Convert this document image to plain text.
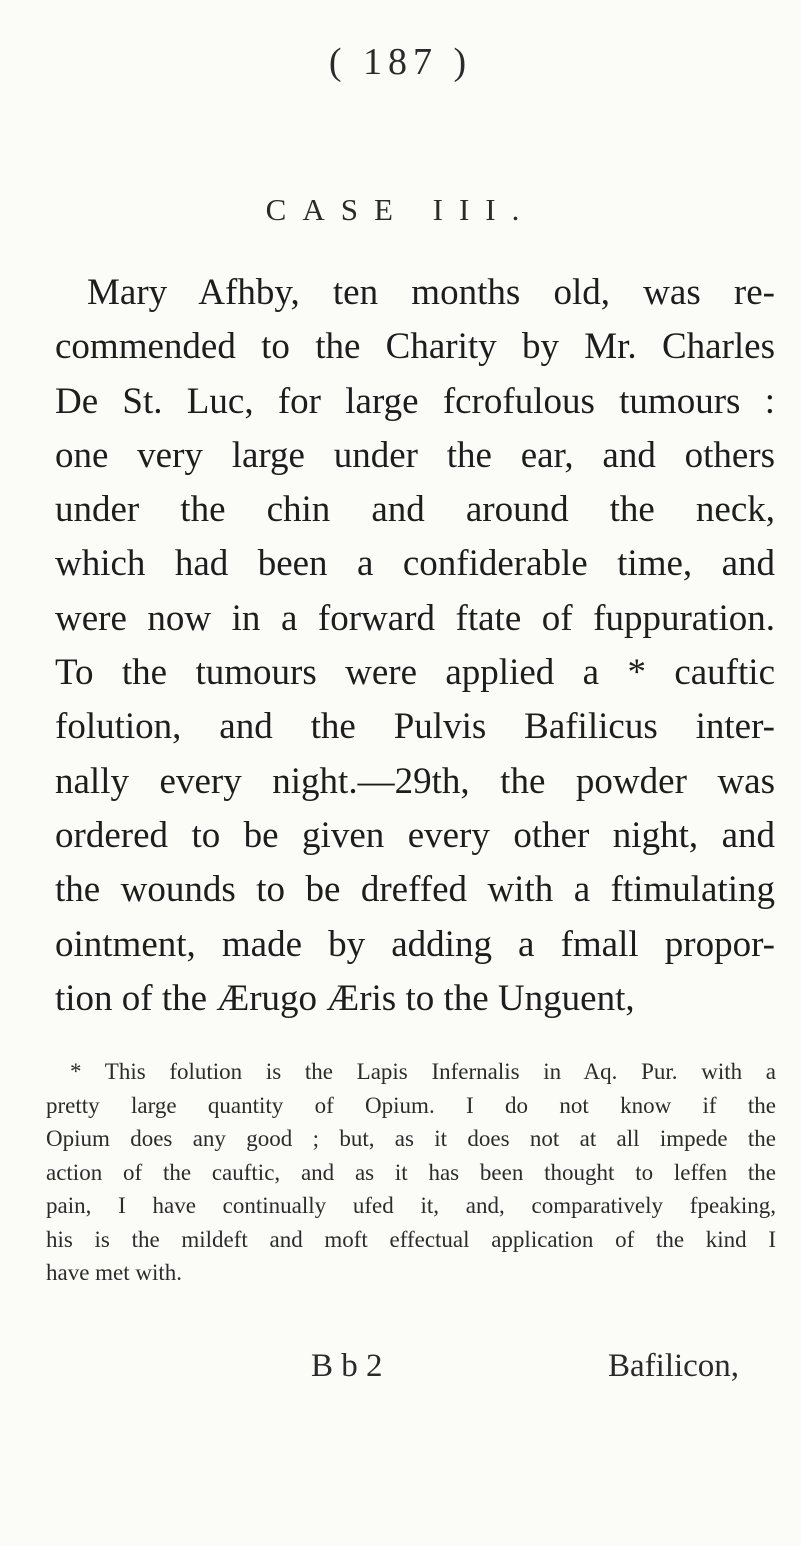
( 187 )
CASE III.
Mary Afhby, ten months old, was re-
commended to the Charity by Mr. Charles
De St. Luc, for large fcrofulous tumours :
one very large under the ear, and others
under the chin and around the neck,
which had been a confiderable time, and
were now in a forward ftate of fuppuration.
To the tumours were applied a * cauftic
folution, and the Pulvis Bafilicus inter-
nally every night.—29th, the powder was
ordered to be given every other night, and
the wounds to be dreffed with a ftimulating
ointment, made by adding a fmall propor-
tion of the Ærugo Æris to the Unguent,
* This folution is the Lapis Infernalis in Aq. Pur. with a
pretty large quantity of Opium. I do not know if the
Opium does any good ; but, as it does not at all impede the
action of the cauftic, and as it has been thought to leffen the
pain, I have continually ufed it, and, comparatively fpeaking,
his is the mildeft and moft effectual application of the kind I
have met with.
B b 2	Bafilicon,
